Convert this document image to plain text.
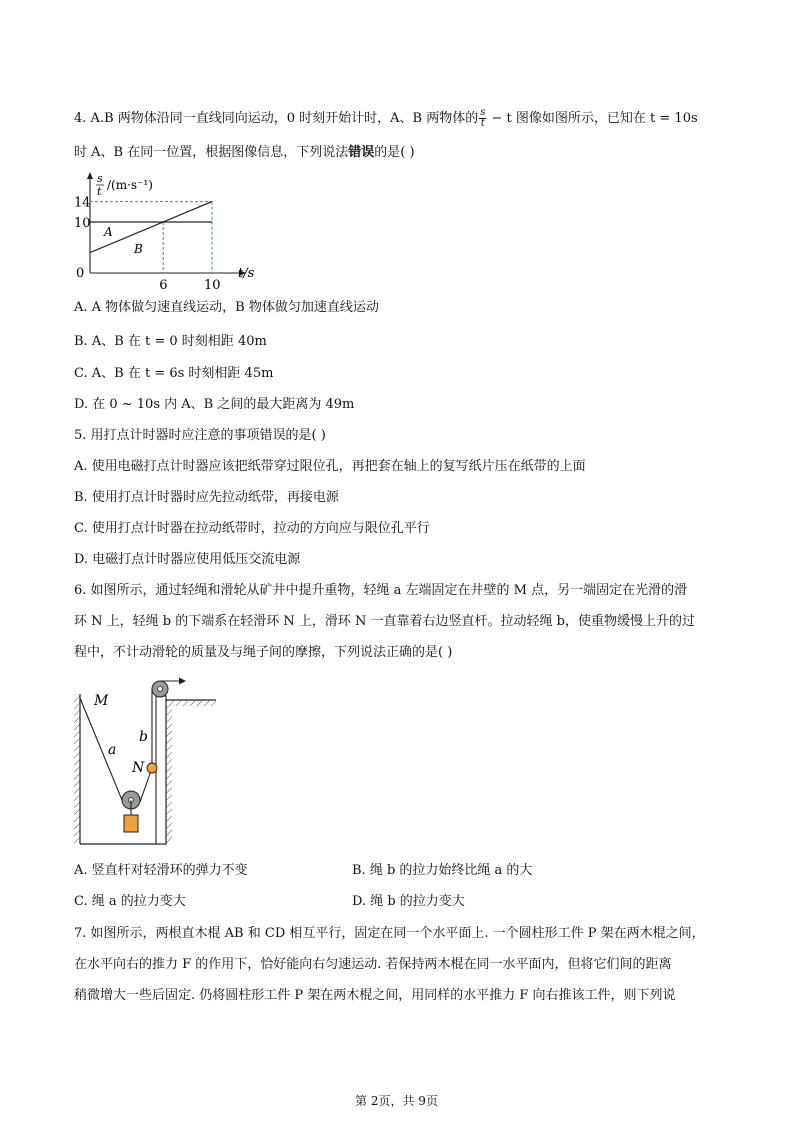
4. A.B 两物体沿同一直线同向运动，0 时刻开始计时，A、B 两物体的 $\frac{s}{t} - t$ 图像如图所示，已知在 t = 10s
时 A、B 在同一位置，根据图像信息，下列说法错误的是( )
A
B
14
10
0
6	10
t/s
s
t /(m·s⁻¹)
A. A 物体做匀速直线运动，B 物体做匀加速直线运动
B. A、B 在 t = 0 时刻相距 40m
C. A、B 在 t = 6s 时刻相距 45m
D. 在 0 ~ 10s 内 A、B 之间的最大距离为 49m
5. 用打点计时器时应注意的事项错误的是( )
A. 使用电磁打点计时器应该把纸带穿过限位孔，再把套在轴上的复写纸片压在纸带的上面
B. 使用打点计时器时应先拉动纸带，再接电源
C. 使用打点计时器在拉动纸带时，拉动的方向应与限位孔平行
D. 电磁打点计时器应使用低压交流电源
6. 如图所示，通过轻绳和滑轮从矿井中提升重物，轻绳 a 左端固定在井壁的 M 点，另一端固定在光滑的滑
环 N 上，轻绳 b 的下端系在轻滑环 N 上，滑环 N 一直靠着右边竖直杆。拉动轻绳 b，使重物缓慢上升的过
程中，不计动滑轮的质量及与绳子间的摩擦，下列说法正确的是( )
M
a
b
N
A. 竖直杆对轻滑环的弹力不变	B. 绳 b 的拉力始终比绳 a 的大
C. 绳 a 的拉力变大	D. 绳 b 的拉力变大
7. 如图所示，两根直木棍 AB 和 CD 相互平行，固定在同一个水平面上. 一个圆柱形工件 P 架在两木棍之间，
在水平向右的推力 F 的作用下，恰好能向右匀速运动. 若保持两木棍在同一水平面内，但将它们间的距离
稍微增大一些后固定. 仍将圆柱形工件 P 架在两木棍之间，用同样的水平推力 F 向右推该工件，则下列说
第 2页，共 9页
